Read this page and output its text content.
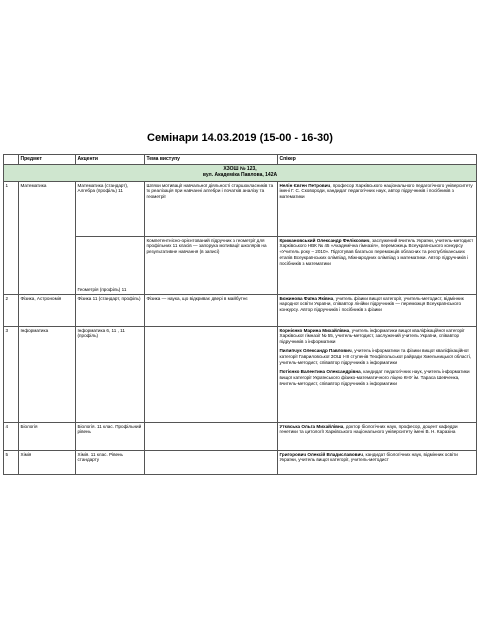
Семінари 14.03.2019 (15-00 - 16-30)
	Предмет	Акценти	Тема виступу	Спікер

ХЗОШ № 123,
вул. Академіка Павлова, 142А				

1	Математика	Математика (стандарт), Алгебра (профіль) 11	Шляхи мотивації навчальної діяльності старшокласників та їх реалізація при навчанні алгебри і початків аналізу та геометрії	Нелін Євген Петрович, професор Харківського національного педагогічного університету імені Г. С. Сковороди, кандидат педагогічних наук, автор підручників і посібників з математики
		Геометрія (профіль) 11	Компетентнісно-орієнтований підручник з геометрії для профільних 11 класів — запорука мотивації школярів на результативне навчання (в записі)	Крижановський Олександр Феліксович, заслужений вчитель України, учитель-методист Харківського НВК № 45 «Академічна гімназія», переможець Всеукраїнського конкурсу «Учитель року – 2010». Підготував багатьох переможців обласних та республіканських етапів Всеукраїнських олімпіад, Міжнародних олімпіад з математики. Автор підручників і посібників з математики
2	Фізика, Астрономія	Фізика 11 (стандарт, профіль)	Фізика — наука, що відкриває двері в майбутнє	Божинова Фаїна Яківна, учитель фізики вищої категорії, учитель-методист, відмінник народної освіти України, співавтор лінійки підручників — переможця Всеукраїнського конкурсу. Автор підручників і посібників з фізики
3	Інформатика	Інформатика 6, 11 , 11 (профіль)		Корнієнко Марина Михайлівна, учитель інформатики вищої кваліфікаційної категорії Харківської гімназії № 55, учитель-методист, заслужений учитель України, співавтор підручників з інформатики
Пилипчук Олександр Павлович, учитель інформатики та фізики вищої кваліфікаційної категорії Гавриловської ЗОШ І-ІІІ ступенів Теофіпольської райради Хмельницької області, учитель-методист, співавтор підручників з інформатики
Потієнко Валентина Олександрівна, кандидат педагогічних наук, учитель інформатики вищої категорії Українського фізико-математичного ліцею КНУ ім. Тараса Шевченка, вчитель-методист, співавтор підручників з інформатики

4	Біологія	Біологія. 11 клас. Профільний рівень		Утєвська Ольга Михайлівна, доктор біологічних наук, професор, доцент кафедри генетики та цитології Харківського національного університету імені В. Н. Каразіна
5	Хімія	Хімія. 11 клас. Рівень стандарту		Григорович Олексій Владиславович, кандидат біологічних наук, відмінник освіти України, учитель вищої категорії, учитель-методист
